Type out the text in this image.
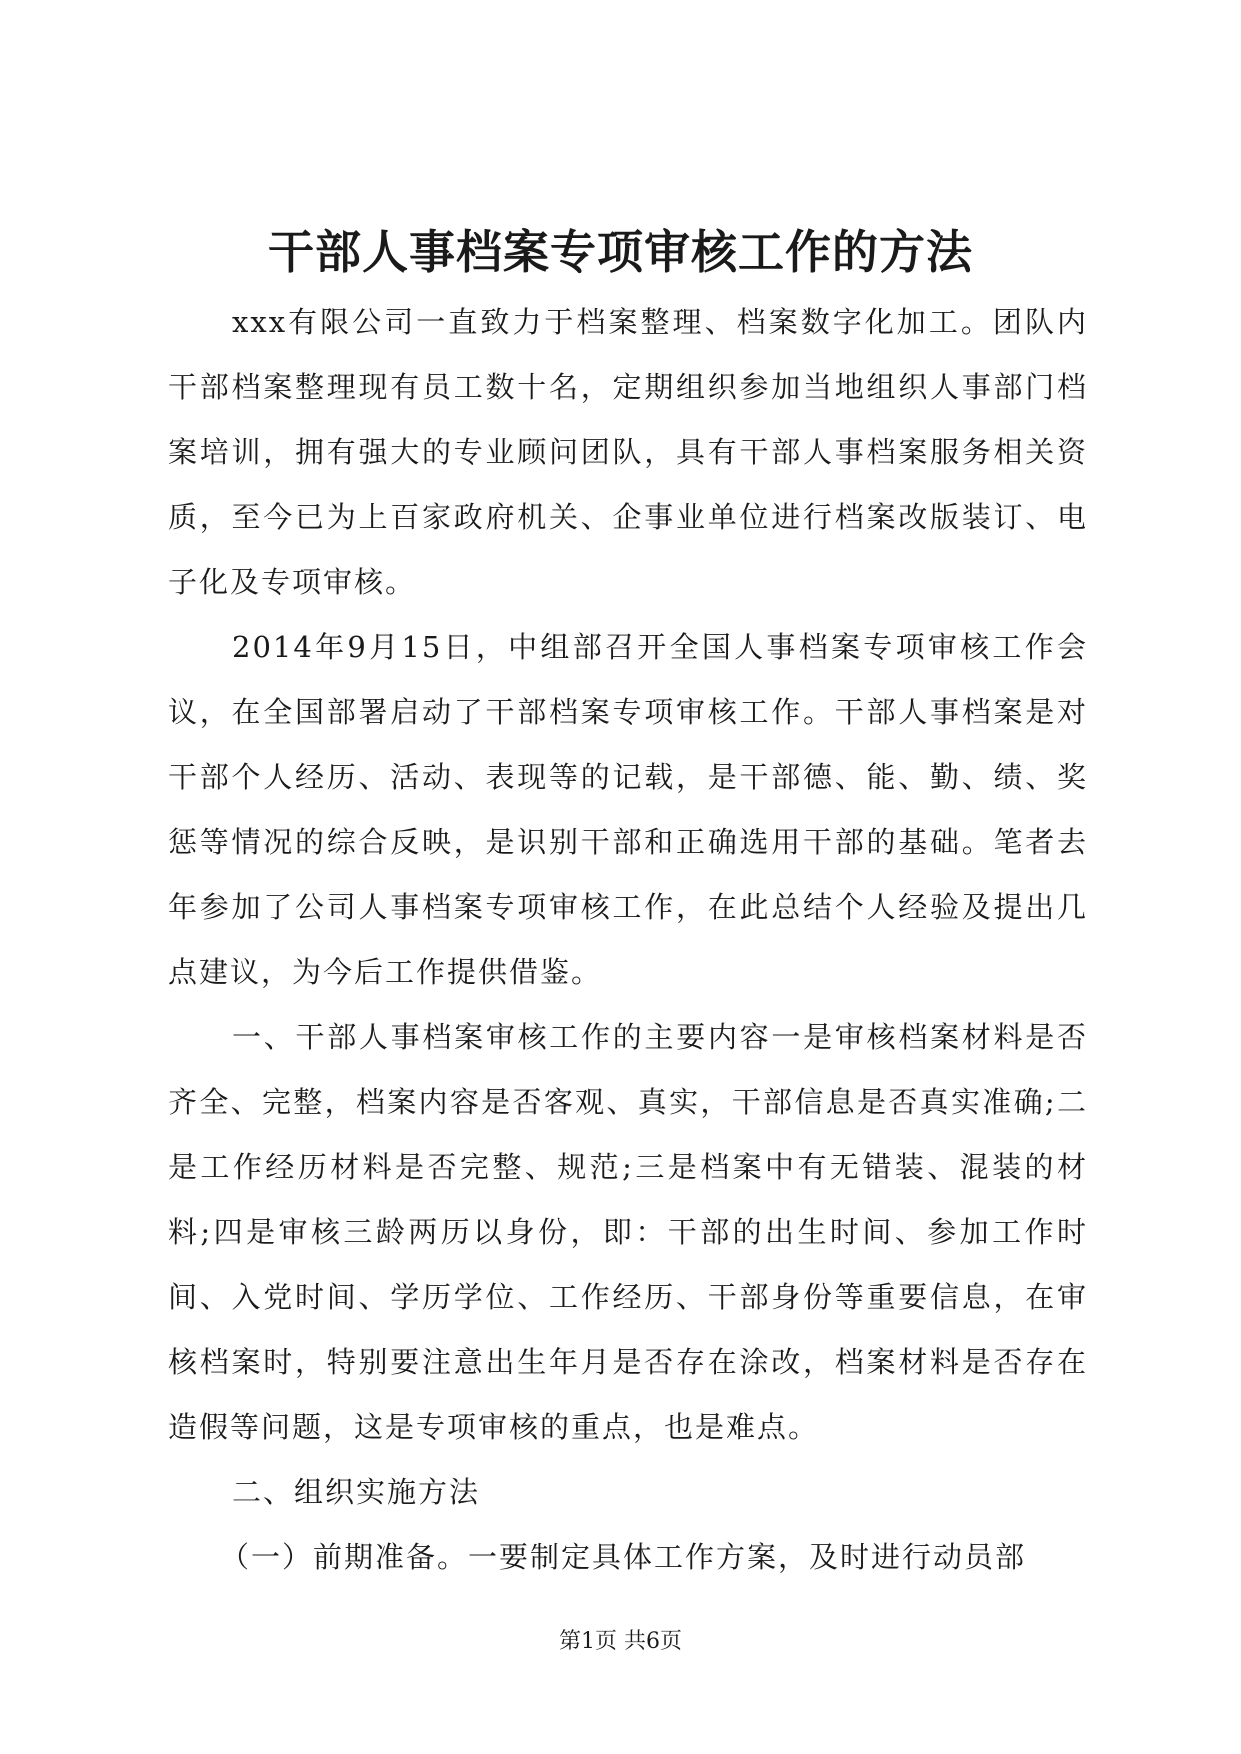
干部人事档案专项审核工作的方法

xxx有限公司一直致力于档案整理、档案数字化加工。团队内干部档案整理现有员工数十名，定期组织参加当地组织人事部门档案培训，拥有强大的专业顾问团队，具有干部人事档案服务相关资质，至今已为上百家政府机关、企事业单位进行档案改版装订、电子化及专项审核。

2014年9月15日，中组部召开全国人事档案专项审核工作会议，在全国部署启动了干部档案专项审核工作。干部人事档案是对干部个人经历、活动、表现等的记载，是干部德、能、勤、绩、奖惩等情况的综合反映，是识别干部和正确选用干部的基础。笔者去年参加了公司人事档案专项审核工作，在此总结个人经验及提出几点建议，为今后工作提供借鉴。

一、干部人事档案审核工作的主要内容一是审核档案材料是否齐全、完整，档案内容是否客观、真实，干部信息是否真实准确;二是工作经历材料是否完整、规范;三是档案中有无错装、混装的材料;四是审核三龄两历以身份，即：干部的出生时间、参加工作时间、入党时间、学历学位、工作经历、干部身份等重要信息，在审核档案时，特别要注意出生年月是否存在涂改，档案材料是否存在造假等问题，这是专项审核的重点，也是难点。

二、组织实施方法

（一）前期准备。一要制定具体工作方案，及时进行动员部

第1页 共6页
